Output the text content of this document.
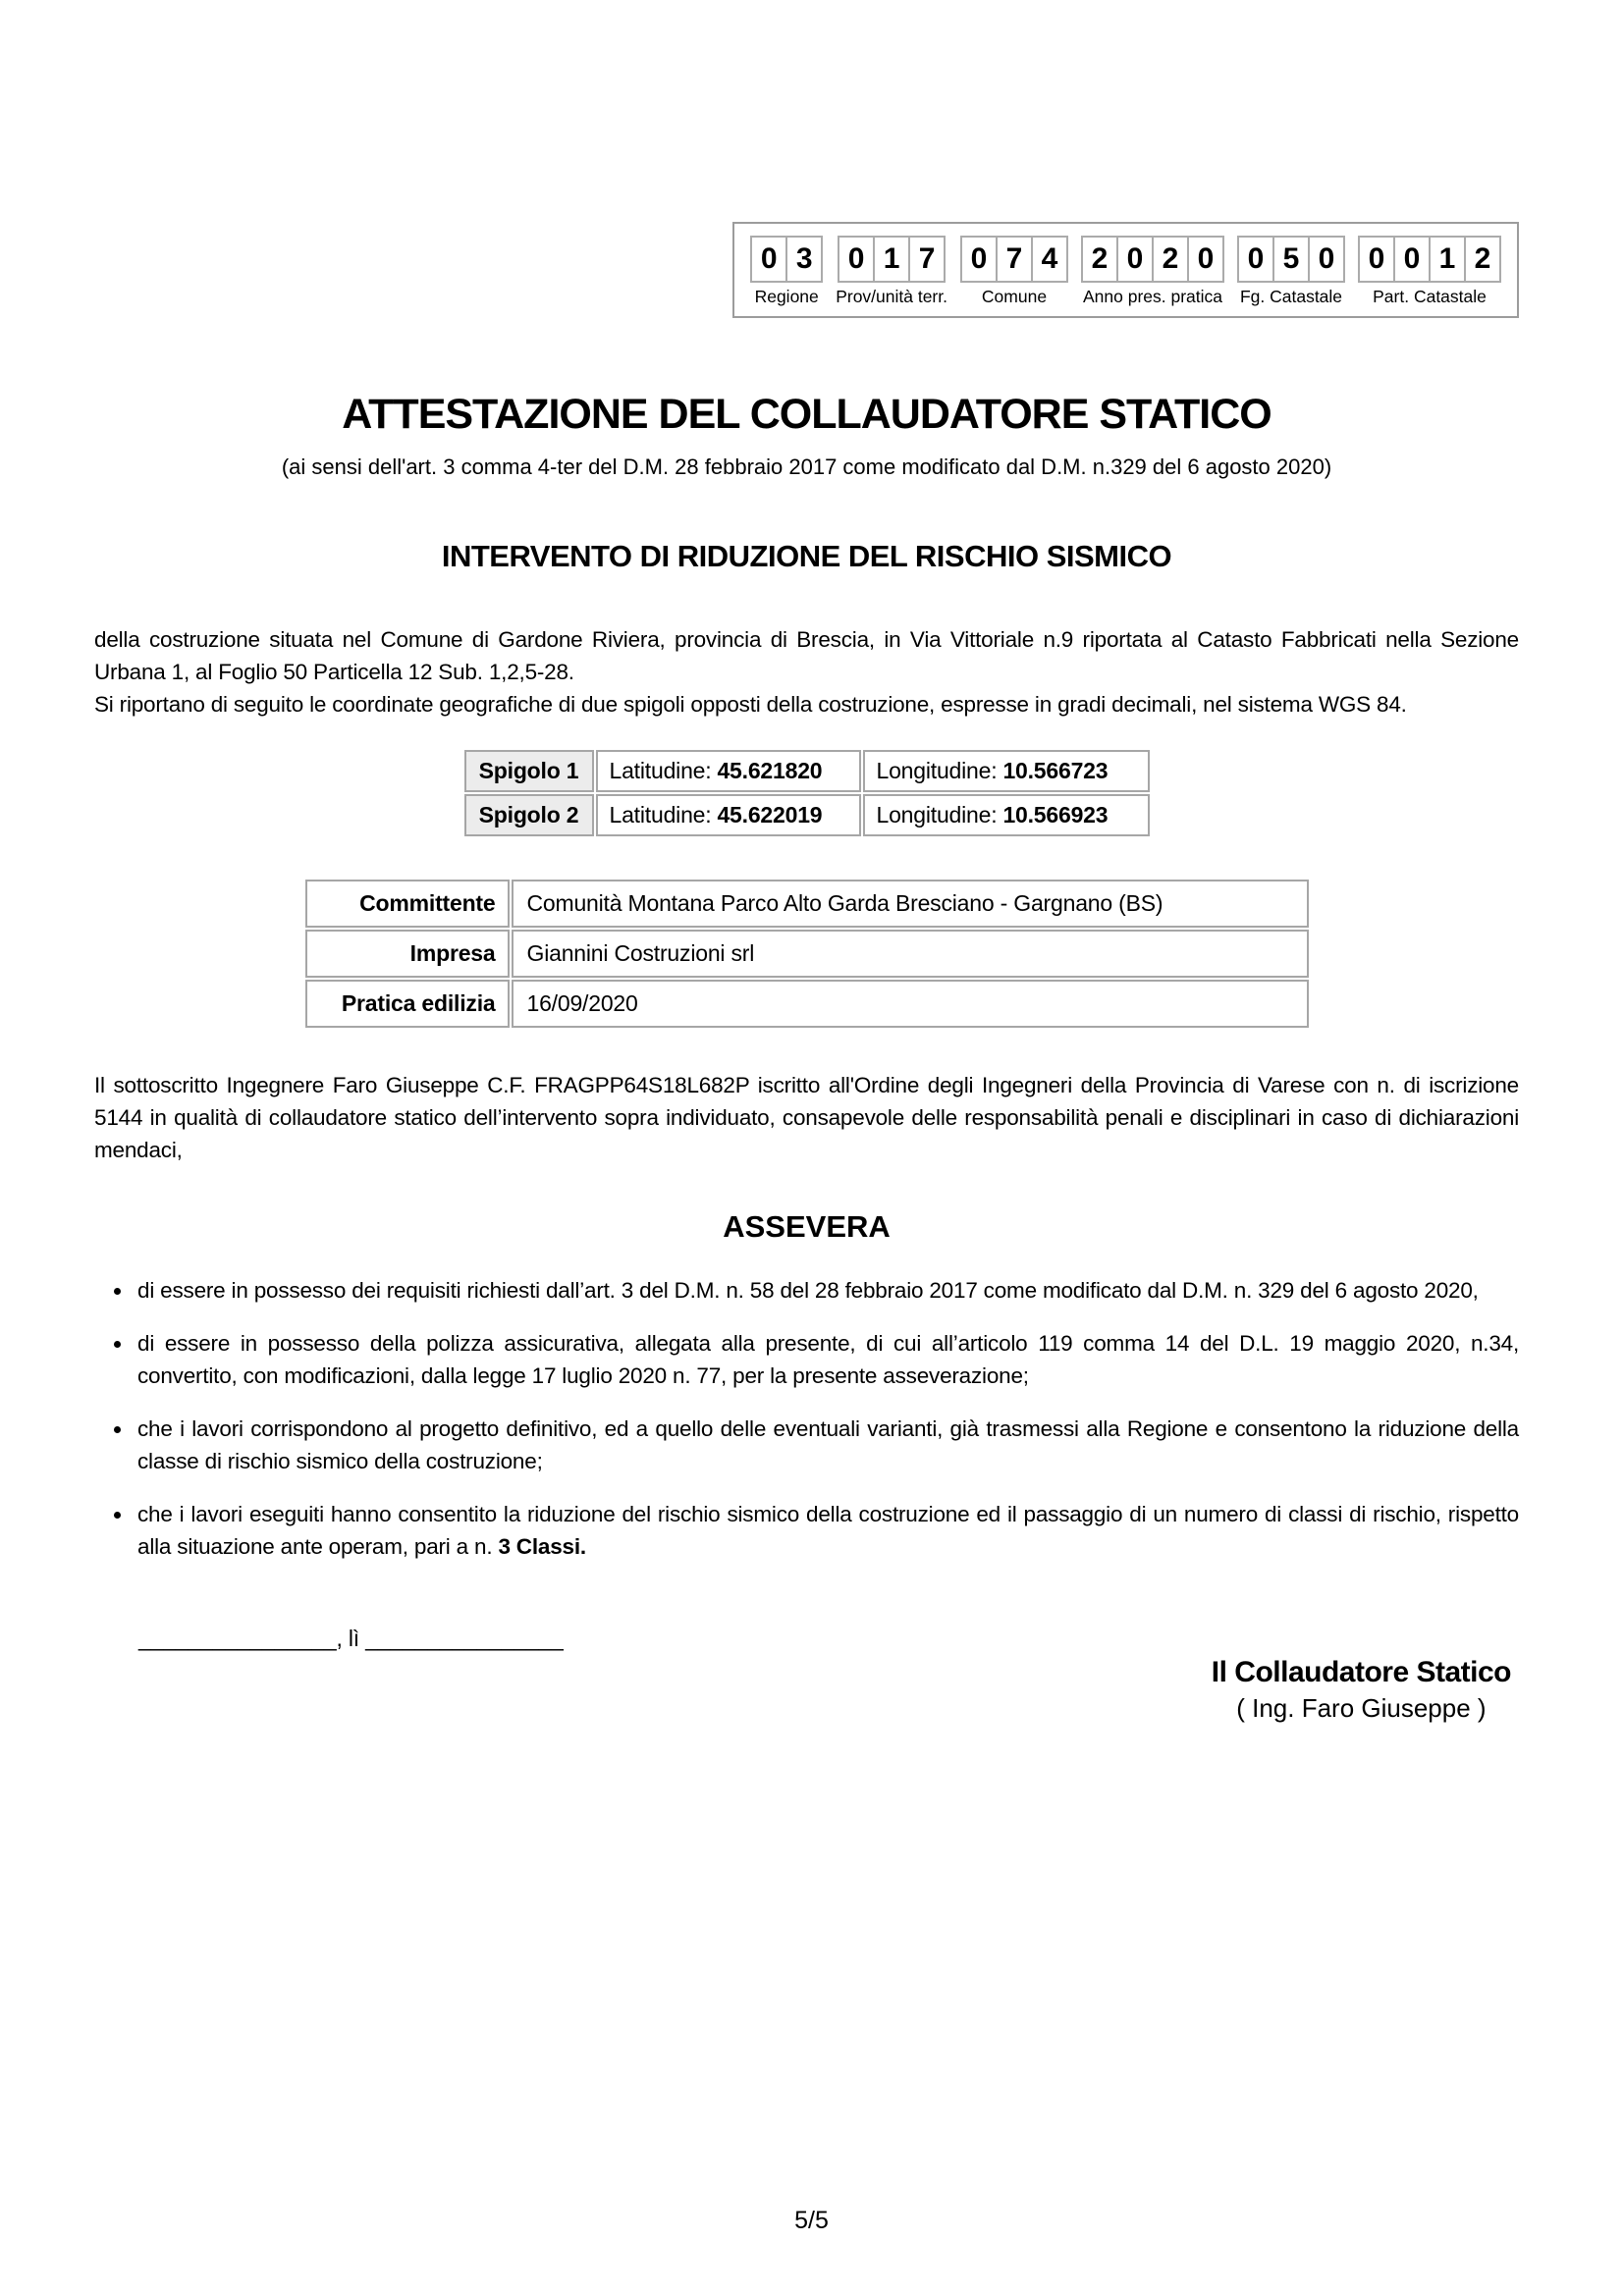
0 3
Regione
0 1 7
Prov/unità terr.
0 7 4
Comune
2 0 2 0
Anno pres. pratica
0 5 0
Fg. Catastale
0 0 1 2
Part. Catastale
ATTESTAZIONE DEL COLLAUDATORE STATICO
(ai sensi dell'art. 3 comma 4-ter del D.M. 28 febbraio 2017 come modificato dal D.M. n.329 del 6 agosto 2020)
INTERVENTO DI RIDUZIONE DEL RISCHIO SISMICO

della costruzione situata nel Comune di Gardone Riviera, provincia di Brescia, in Via Vittoriale n.9 riportata al Catasto Fabbricati nella Sezione Urbana 1, al Foglio 50 Particella 12 Sub. 1,2,5-28.

Si riportano di seguito le coordinate geografiche di due spigoli opposti della costruzione, espresse in gradi decimali, nel sistema WGS 84.

Spigolo 1	Latitudine: 45.621820	Longitudine: 10.566723
Spigolo 2	Latitudine: 45.622019	Longitudine: 10.566923
Committente	Comunità Montana Parco Alto Garda Bresciano - Gargnano (BS)
Impresa	Giannini Costruzioni srl
Pratica edilizia	16/09/2020

Il sottoscritto Ingegnere Faro Giuseppe C.F. FRAGPP64S18L682P iscritto all'Ordine degli Ingegneri della Provincia di Varese con n. di iscrizione 5144 in qualità di collaudatore statico dell’intervento sopra individuato, consapevole delle responsabilità penali e disciplinari in caso di dichiarazioni mendaci,

ASSEVERA
• di essere in possesso dei requisiti richiesti dall’art. 3 del D.M. n. 58 del 28 febbraio 2017 come modificato dal D.M. n. 329 del 6 agosto 2020,
• di essere in possesso della polizza assicurativa, allegata alla presente, di cui all’articolo 119 comma 14 del D.L. 19 maggio 2020, n.34, convertito, con modificazioni, dalla legge 17 luglio 2020 n. 77, per la presente asseverazione;
• che i lavori corrispondono al progetto definitivo, ed a quello delle eventuali varianti, già trasmessi alla Regione e consentono la riduzione della classe di rischio sismico della costruzione;
• che i lavori eseguiti hanno consentito la riduzione del rischio sismico della costruzione ed il passaggio di un numero di classi di rischio, rispetto alla situazione ante operam, pari a n. 3 Classi.
________________, lì ________________
Il Collaudatore Statico
( Ing. Faro Giuseppe )
5/5
